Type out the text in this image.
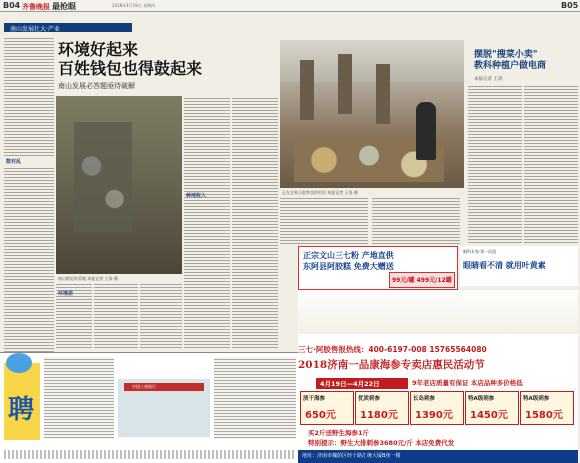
B04 齐鲁晚报 最抢眼	2018年4月19日 星期四	B05
南山发展壮大·产业
散村乱
环境好起来
百姓钱包也得鼓起来
南山发展必答题亟待破解
南山附近的荒地 本报记者 王涛 摄
环境差
种地收入
正在农家小院售卖的村民 本报记者 王涛 摄
摆脱"搜菜小卖"
教科种植户做电商
本报记者 王涛
正宗文山三七粉 产地直供
东阿县阿胶糕 免费大赠送
99元/罐 499元/12罐
眼科专家·第一医院
眼睛看不清 就用叶黄素
聘
中国工商银行
三七·阿胶售报热线：400-6197-008 15765564080
2018济南一品康海参专卖店惠民活动节
4月19日—4月22日	9年老店质量有保证 本店品种多价格低
淡干海参
650元
优质刺参
1180元
长岛刺参
1390元
特A级刺参
1450元
特A级刺参
1580元
买2斤送野生海参1斤
特别提示：野生大排刺参3680元/斤 本店免费代发
地址：济南市槐荫区经十路汇统大厦B座一楼
